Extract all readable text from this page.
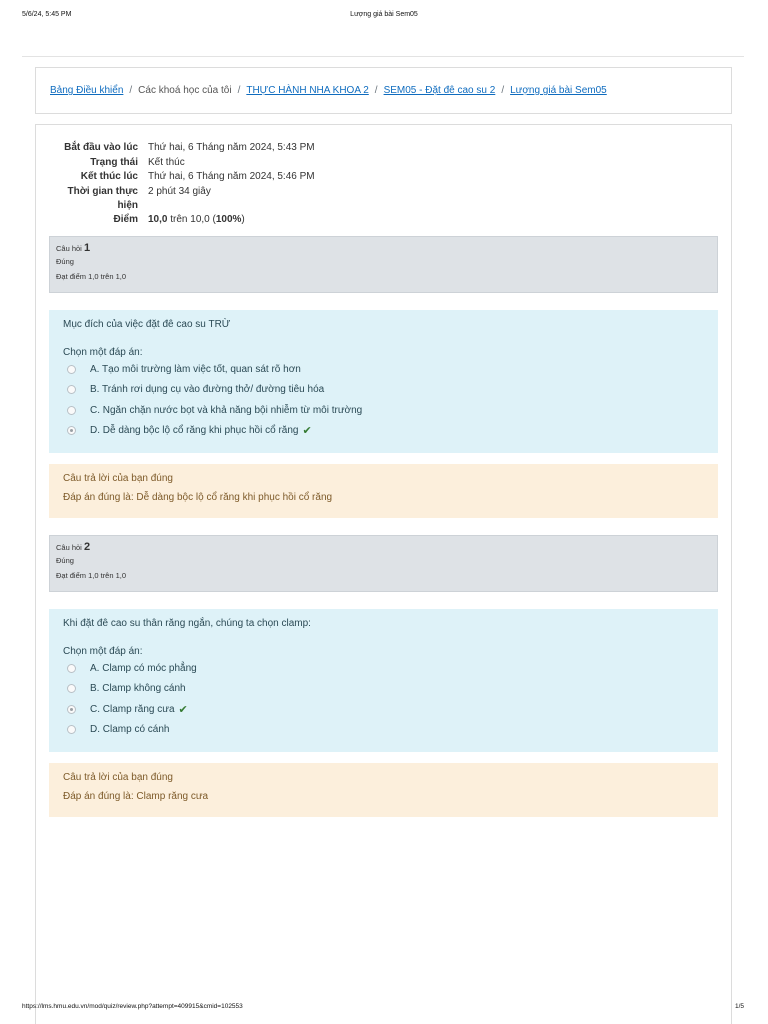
5/6/24, 5:45 PM	Lượng giá bài Sem05
Bảng Điều khiển / Các khoá học của tôi / THỰC HÀNH NHA KHOA 2 / SEM05 - Đặt đê cao su 2 / Lượng giá bài Sem05
Bắt đầu vào lúc	Thứ hai, 6 Tháng năm 2024, 5:43 PM
Trạng thái	Kết thúc
Kết thúc lúc	Thứ hai, 6 Tháng năm 2024, 5:46 PM
Thời gian thực
hiện
2 phút 34 giây
Điểm	10,0 trên 10,0 (100%)
Câu hỏi 1
Đúng
Đạt điểm 1,0 trên 1,0
Mục đích của việc đặt đê cao su TRỪ
Chọn một đáp án:
A. Tạo môi trường làm việc tốt, quan sát rõ hơn
B. Tránh rơi dụng cụ vào đường thở/ đường tiêu hóa
C. Ngăn chặn nước bọt và khả năng bội nhiễm từ môi trường
D. Dễ dàng bộc lộ cổ răng khi phục hồi cổ răng ✔
Câu trả lời của bạn đúng
Đáp án đúng là: Dễ dàng bộc lộ cổ răng khi phục hồi cổ răng
Câu hỏi 2
Đúng
Đạt điểm 1,0 trên 1,0
Khi đặt đê cao su thân răng ngắn, chúng ta chọn clamp:
Chọn một đáp án:
A. Clamp có móc phẳng
B. Clamp không cánh
C. Clamp răng cưa ✔
D. Clamp có cánh
Câu trả lời của bạn đúng
Đáp án đúng là: Clamp răng cưa
https://lms.hmu.edu.vn/mod/quiz/review.php?attempt=409915&cmid=102553	1/5
